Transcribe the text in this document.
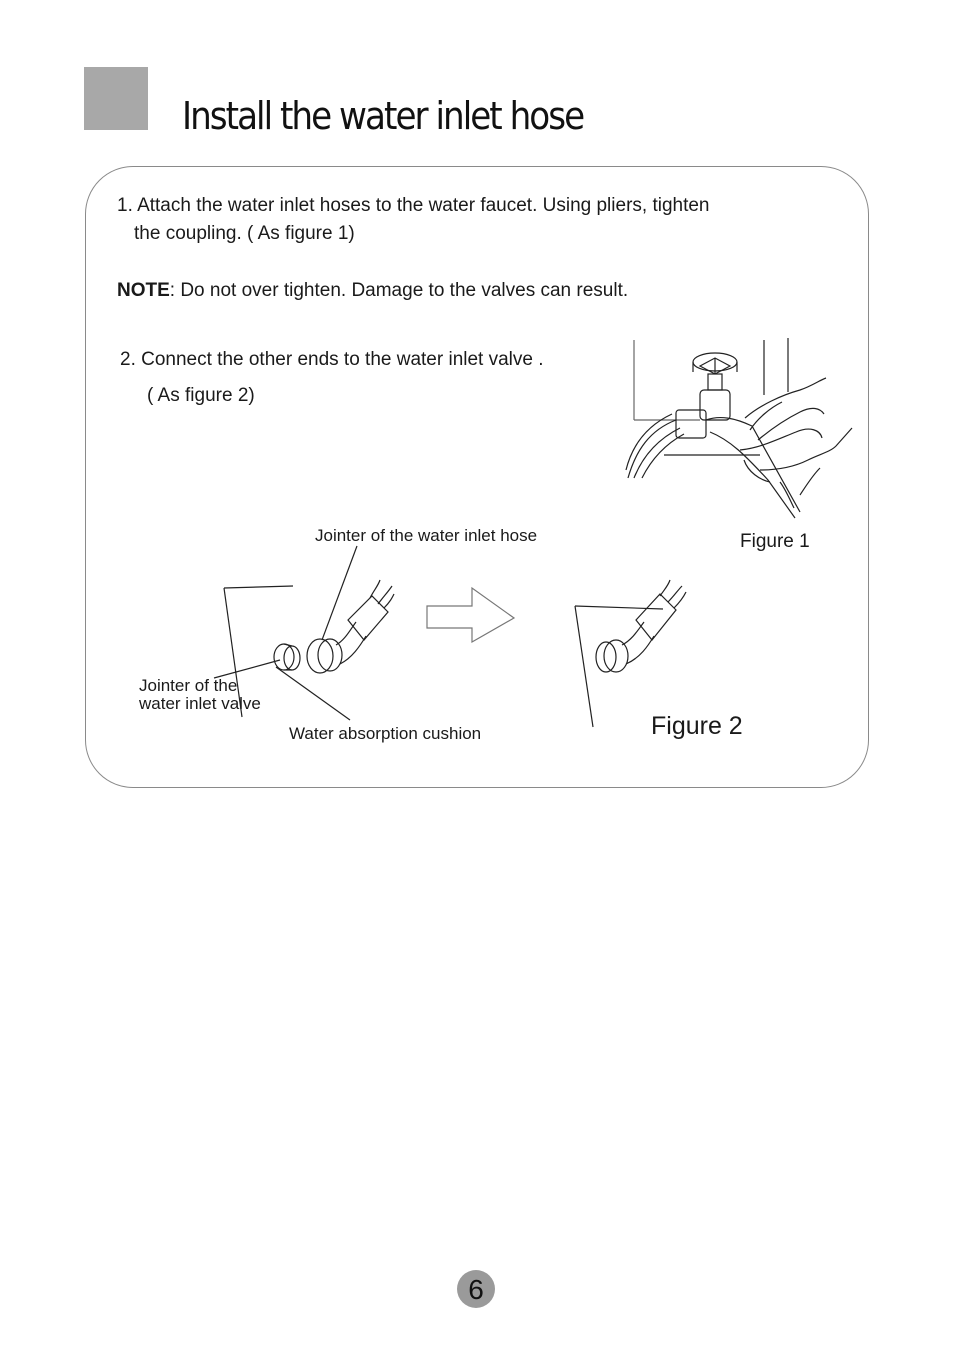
Install the water inlet hose
1. Attach the water inlet hoses to the water faucet. Using pliers, tighten
the coupling. ( As figure 1)
NOTE: Do not over tighten. Damage to the valves can result.
2. Connect the other ends to the water inlet valve .
( As figure 2)
Figure 1
Jointer of the water inlet hose
Jointer of the
water inlet valve
Water absorption cushion	Figure 2
6
